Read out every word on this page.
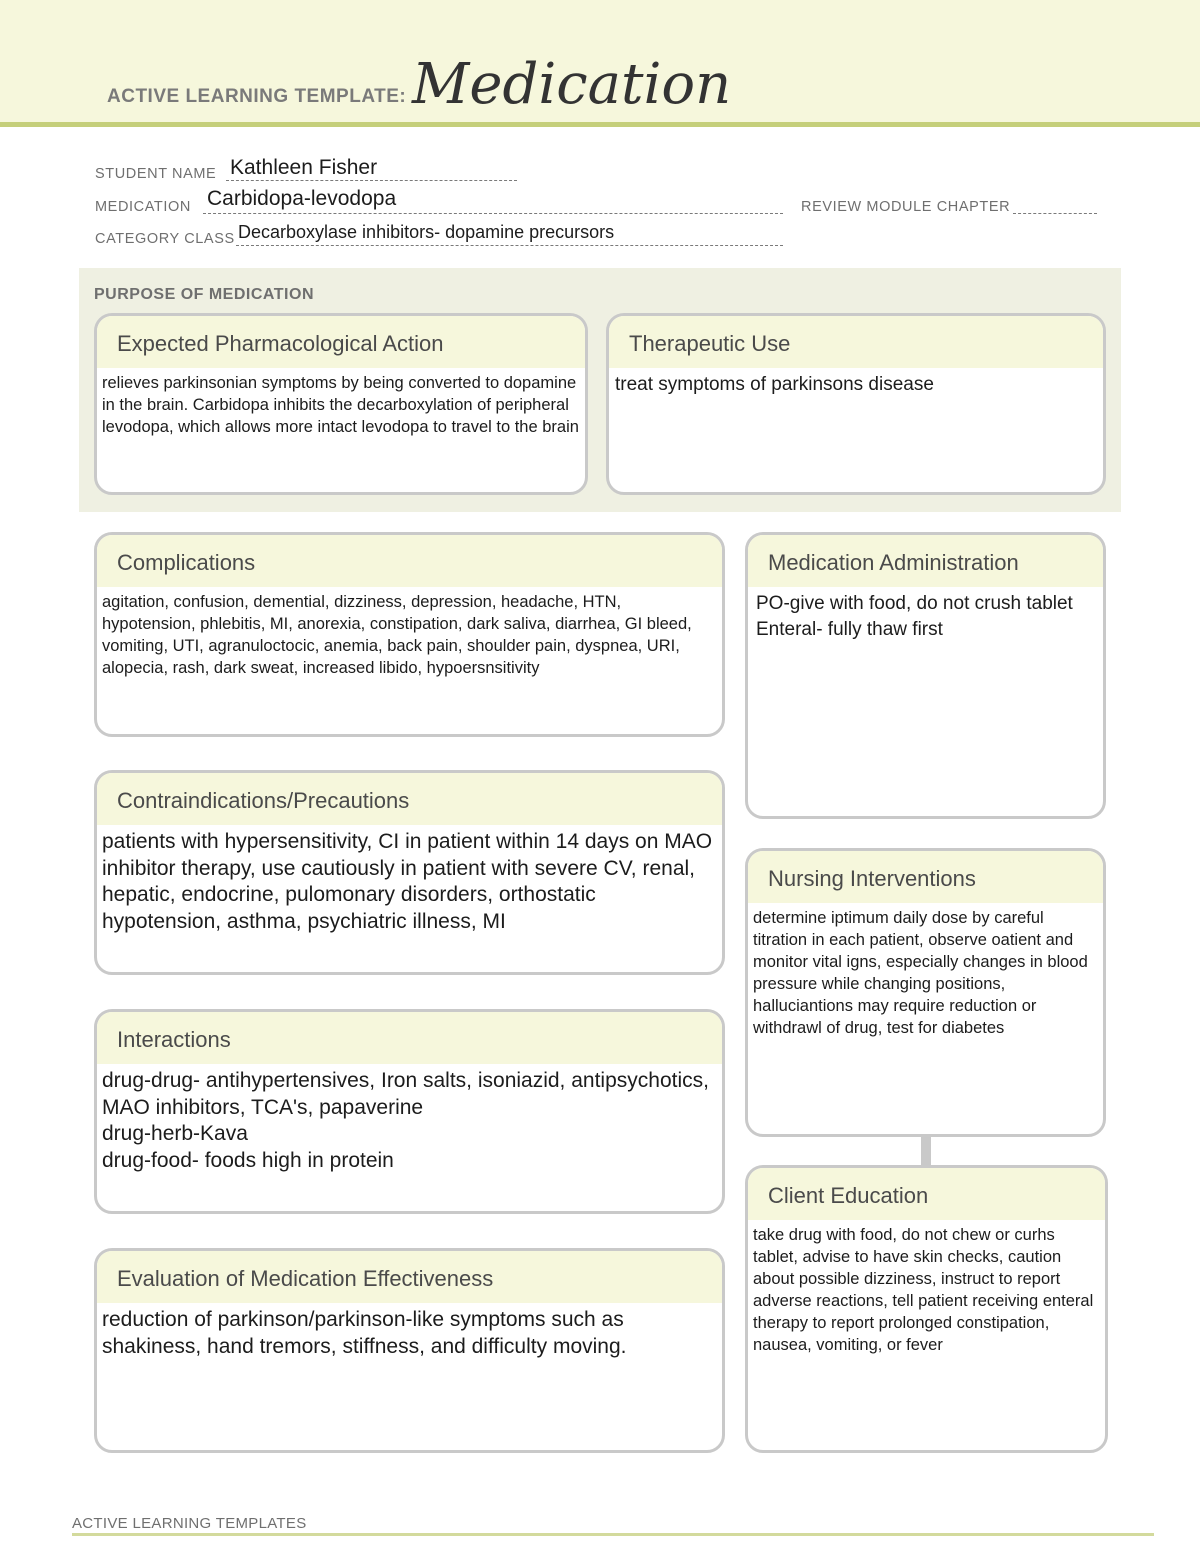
ACTIVE LEARNING TEMPLATE: Medication
STUDENT NAME Kathleen Fisher
MEDICATION Carbidopa-levodopa	REVIEW MODULE CHAPTER
CATEGORY CLASS Decarboxylase inhibitors- dopamine precursors
PURPOSE OF MEDICATION
Expected Pharmacological Action
relieves parkinsonian symptoms by being converted to dopamine in the brain. Carbidopa inhibits the decarboxylation of peripheral levodopa, which allows more intact levodopa to travel to the brain
Therapeutic Use
treat symptoms of parkinsons disease
Complications
agitation, confusion, demential, dizziness, depression, headache, HTN, hypotension, phlebitis, MI, anorexia, constipation, dark saliva, diarrhea, GI bleed, vomiting, UTI, agranuloctocic, anemia, back pain, shoulder pain, dyspnea, URI, alopecia, rash, dark sweat, increased libido, hypoersnsitivity
Contraindications/Precautions
patients with hypersensitivity, CI in patient within 14 days on MAO inhibitor therapy, use cautiously in patient with severe CV, renal, hepatic, endocrine, pulomonary disorders, orthostatic hypotension, asthma, psychiatric illness, MI
Interactions
drug-drug- antihypertensives, Iron salts, isoniazid, antipsychotics, MAO inhibitors, TCA's, papaverine
drug-herb-Kava
drug-food- foods high in protein
Evaluation of Medication Effectiveness
reduction of parkinson/parkinson-like symptoms such as shakiness, hand tremors, stiffness, and difficulty moving.
Medication Administration
PO-give with food, do not crush tablet
Enteral- fully thaw first
Nursing Interventions
determine iptimum daily dose by careful titration in each patient, observe oatient and monitor vital igns, especially changes in blood pressure while changing positions, halluciantions may require reduction or withdrawl of drug, test for diabetes
Client Education
take drug with food, do not chew or curhs tablet, advise to have skin checks, caution about possible dizziness, instruct to report adverse reactions, tell patient receiving enteral therapy to report prolonged constipation, nausea, vomiting, or fever
ACTIVE LEARNING TEMPLATES
